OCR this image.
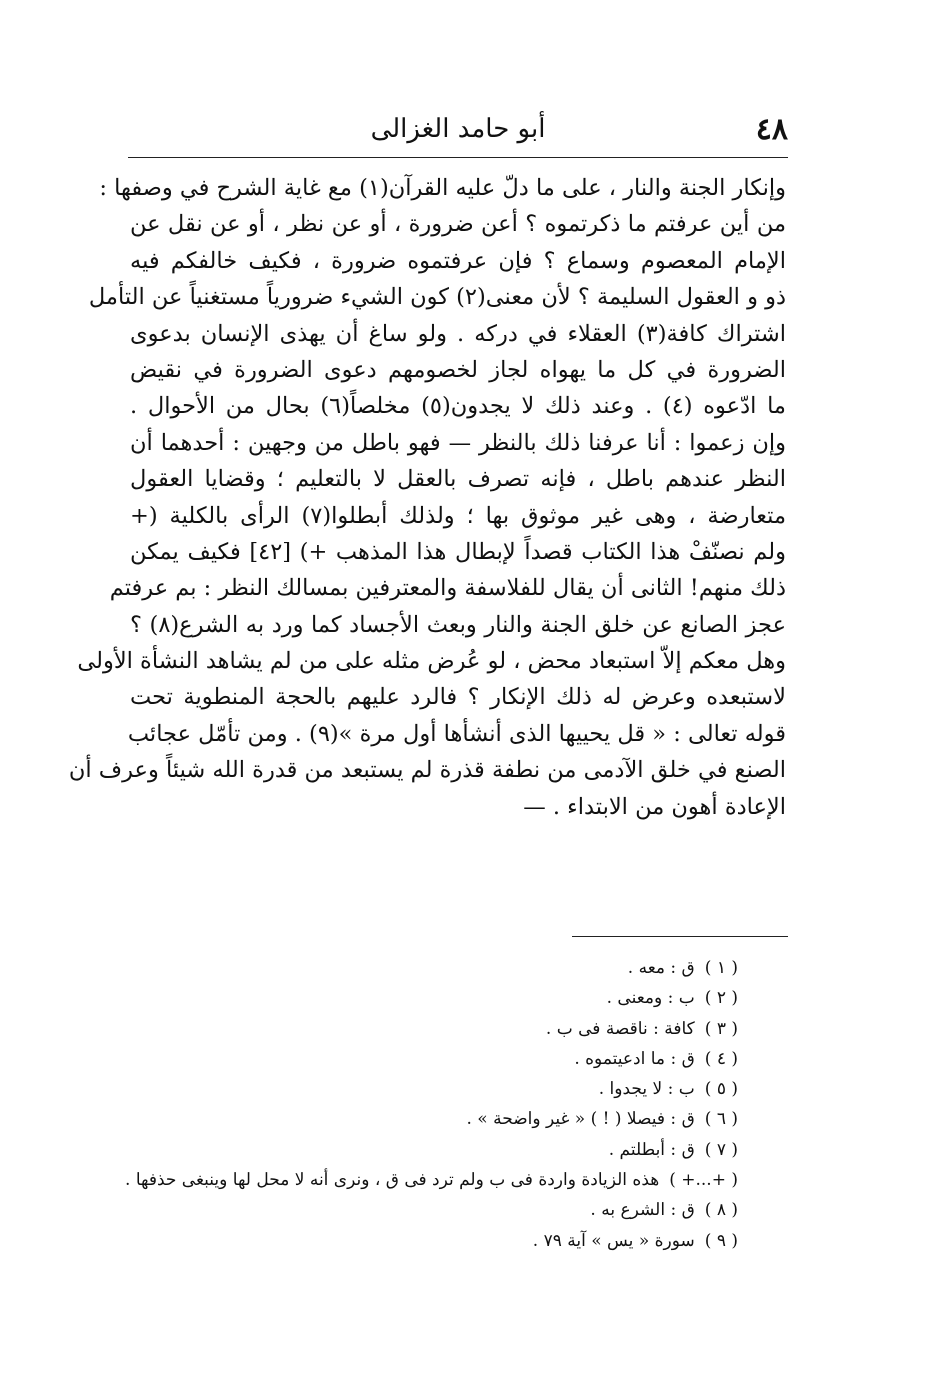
٤٨
أبو حامد الغزالى
وإنكار الجنة والنار ، على ما دلّ عليه القرآن(١) مع غاية الشرح في وصفها :
من أين عرفتم ما ذكرتموه ؟ أعن ضرورة ، أو عن نظر ، أو عن نقل عن
الإمام المعصوم وسماع ؟ فإن عرفتموه ضرورة ، فكيف خالفكم فيه
ذو و العقول السليمة ؟ لأن معنى(٢) كون الشيء ضرورياً مستغنياً عن التأمل
اشتراك كافة(٣) العقلاء في دركه . ولو ساغ أن يهذى الإنسان بدعوى
الضرورة في كل ما يهواه لجاز لخصومهم دعوى الضرورة في نقيض
ما ادّعوه (٤) . وعند ذلك لا يجدون(٥) مخلصاً(٦) بحال من الأحوال .
وإن زعموا : أنا عرفنا ذلك بالنظر — فهو باطل من وجهين : أحدهما أن
النظر عندهم باطل ، فإنه تصرف بالعقل لا بالتعليم ؛ وقضايا العقول
متعارضة ، وهى غير موثوق بها ؛ ولذلك أبطلوا(٧) الرأى بالكلية (+
ولم نصنّفْ هذا الكتاب قصداً لإبطال هذا المذهب +) [٤٢] فكيف يمكن
ذلك منهم! الثانى أن يقال للفلاسفة والمعترفين بمسالك النظر : بم عرفتم
عجز الصانع عن خلق الجنة والنار وبعث الأجساد كما ورد به الشرع(٨) ؟
وهل معكم إلاّ استبعاد محض ، لو عُرض مثله على من لم يشاهد النشأة الأولى
لاستبعده وعرض له ذلك الإنكار ؟ فالرد عليهم بالحجة المنطوية تحت
قوله تعالى : « قل يحييها الذى أنشأها أول مرة »(٩) . ومن تأمّل عجائب
الصنع في خلق الآدمى من نطفة قذرة لم يستبعد من قدرة الله شيئاً وعرف أن
الإعادة أهون من الابتداء . —
( ١ )ق : معه .
( ٢ )ب : ومعنى .
( ٣ )كافة : ناقصة فى ب .
( ٤ )ق : ما ادعيتموه .
( ٥ )ب : لا يجدوا .
( ٦ )ق : فيصلا ( ! ) « غير واضحة » .
( ٧ )ق : أبطلتم .
( +...+ )هذه الزيادة واردة فى ب ولم ترد فى ق ، ونرى أنه لا محل لها وينبغى حذفها .
( ٨ )ق : الشرع به .
( ٩ )سورة « يس » آية ٧٩ .
